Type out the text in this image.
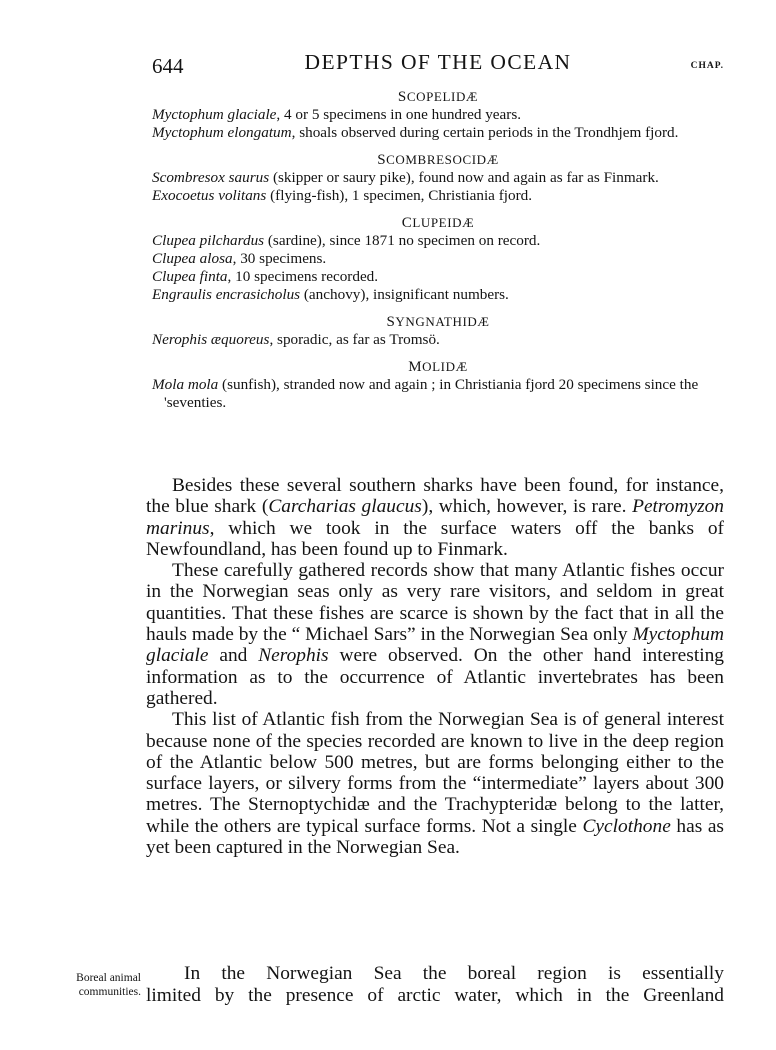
644	DEPTHS OF THE OCEAN	CHAP.
SCOPELIDÆ
Myctophum glaciale, 4 or 5 specimens in one hundred years.
Myctophum elongatum, shoals observed during certain periods in the Trondhjem fjord.
SCOMBRESOCIDÆ
Scombresox saurus (skipper or saury pike), found now and again as far as Finmark.
Exocoetus volitans (flying-fish), 1 specimen, Christiania fjord.
CLUPEIDÆ
Clupea pilchardus (sardine), since 1871 no specimen on record.
Clupea alosa, 30 specimens.
Clupea finta, 10 specimens recorded.
Engraulis encrasicholus (anchovy), insignificant numbers.
SYNGNATHIDÆ
Nerophis æquoreus, sporadic, as far as Tromsö.
MOLIDÆ
Mola mola (sunfish), stranded now and again ; in Christiania fjord 20 specimens since the 'seventies.

Besides these several southern sharks have been found, for instance, the blue shark (Carcharias glaucus), which, however, is rare. Petromyzon marinus, which we took in the surface waters off the banks of Newfoundland, has been found up to Finmark.

These carefully gathered records show that many Atlantic fishes occur in the Norwegian seas only as very rare visitors, and seldom in great quantities. That these fishes are scarce is shown by the fact that in all the hauls made by the “ Michael Sars” in the Norwegian Sea only Myctophum glaciale and Nerophis were observed. On the other hand interesting information as to the occurrence of Atlantic invertebrates has been gathered.

This list of Atlantic fish from the Norwegian Sea is of general interest because none of the species recorded are known to live in the deep region of the Atlantic below 500 metres, but are forms belonging either to the surface layers, or silvery forms from the “intermediate” layers about 300 metres. The Sternoptychidæ and the Trachypteridæ belong to the latter, while the others are typical surface forms. Not a single Cyclothone has as yet been captured in the Norwegian Sea.

Boreal animal
communities.

In the Norwegian Sea the boreal region is essentially

limited by the presence of arctic water, which in the Greenland
